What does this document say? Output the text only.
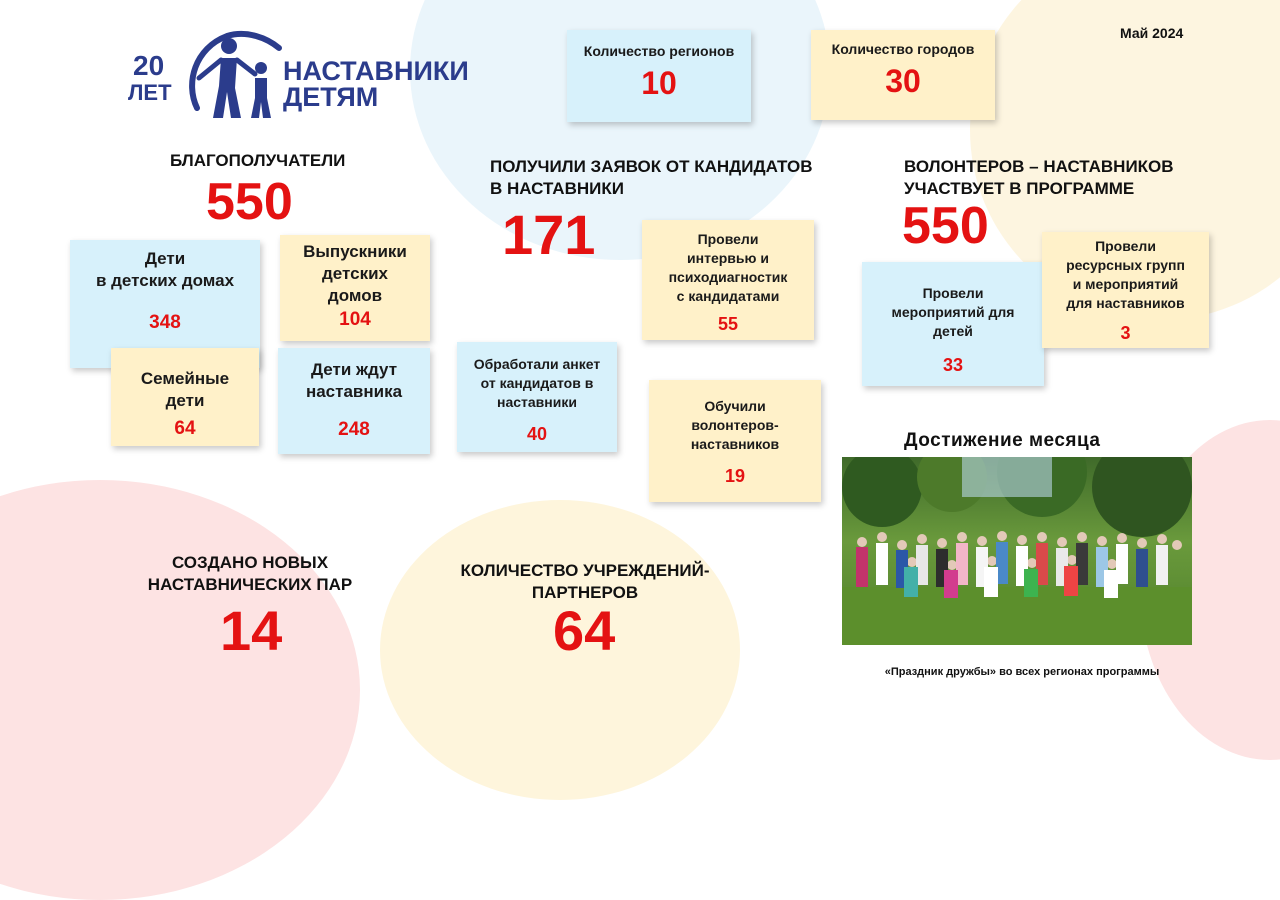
Май 2024
20
ЛЕТ
НАСТАВНИКИ
ДЕТЯМ
Количество регионов
10
Количество городов
30
БЛАГОПОЛУЧАТЕЛИ
550
Дети
в детских домах
348
Выпускники
детских
домов
104
Семейные
дети
64
Дети ждут
наставника
248
ПОЛУЧИЛИ ЗАЯВОК ОТ КАНДИДАТОВ
В НАСТАВНИКИ
171	Провели
интервью и
психодиагностик
с кандидатами
55
Обработали анкет
от кандидатов в
наставники
40
Обучили
волонтеров-
наставников
19
ВОЛОНТЕРОВ – НАСТАВНИКОВ
УЧАСТВУЕТ В ПРОГРАММЕ
550
Провели
мероприятий для
детей
33
Провели
ресурсных групп
и мероприятий
для наставников
3
СОЗДАНО НОВЫХ
НАСТАВНИЧЕСКИХ ПАР
14
КОЛИЧЕСТВО УЧРЕЖДЕНИЙ-
ПАРТНЕРОВ
64
Достижение месяца
«Праздник дружбы» во всех регионах программы
